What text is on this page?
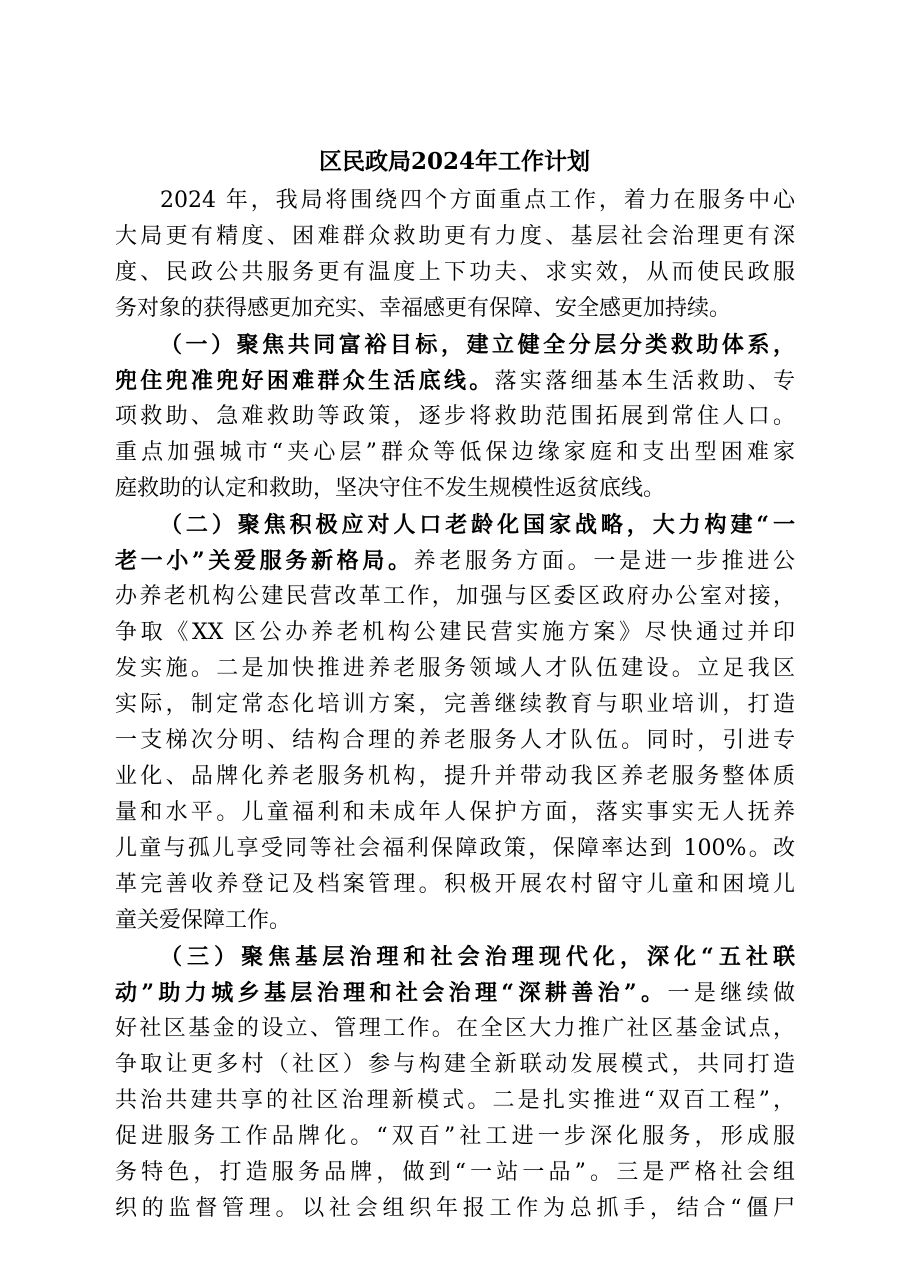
区民政局2024年工作计划
2024 年，我局将围绕四个方面重点工作，着力在服务中心
大局更有精度、困难群众救助更有力度、基层社会治理更有深
度、民政公共服务更有温度上下功夫、求实效，从而使民政服
务对象的获得感更加充实、幸福感更有保障、安全感更加持续。
（一）聚焦共同富裕目标，建立健全分层分类救助体系，
兜住兜准兜好困难群众生活底线。落实落细基本生活救助、专
项救助、急难救助等政策，逐步将救助范围拓展到常住人口。
重点加强城市“夹心层”群众等低保边缘家庭和支出型困难家
庭救助的认定和救助，坚决守住不发生规模性返贫底线。
（二）聚焦积极应对人口老龄化国家战略，大力构建“一
老一小”关爱服务新格局。养老服务方面。一是进一步推进公
办养老机构公建民营改革工作，加强与区委区政府办公室对接，
争取《XX 区公办养老机构公建民营实施方案》尽快通过并印
发实施。二是加快推进养老服务领域人才队伍建设。立足我区
实际，制定常态化培训方案，完善继续教育与职业培训，打造
一支梯次分明、结构合理的养老服务人才队伍。同时，引进专
业化、品牌化养老服务机构，提升并带动我区养老服务整体质
量和水平。儿童福利和未成年人保护方面，落实事实无人抚养
儿童与孤儿享受同等社会福利保障政策，保障率达到 100%。改
革完善收养登记及档案管理。积极开展农村留守儿童和困境儿
童关爱保障工作。
（三）聚焦基层治理和社会治理现代化，深化“五社联
动”助力城乡基层治理和社会治理“深耕善治”。一是继续做
好社区基金的设立、管理工作。在全区大力推广社区基金试点，
争取让更多村（社区）参与构建全新联动发展模式，共同打造
共治共建共享的社区治理新模式。二是扎实推进“双百工程”，
促进服务工作品牌化。“双百”社工进一步深化服务，形成服
务特色，打造服务品牌，做到“一站一品”。三是严格社会组
织的监督管理。以社会组织年报工作为总抓手，结合“僵尸
